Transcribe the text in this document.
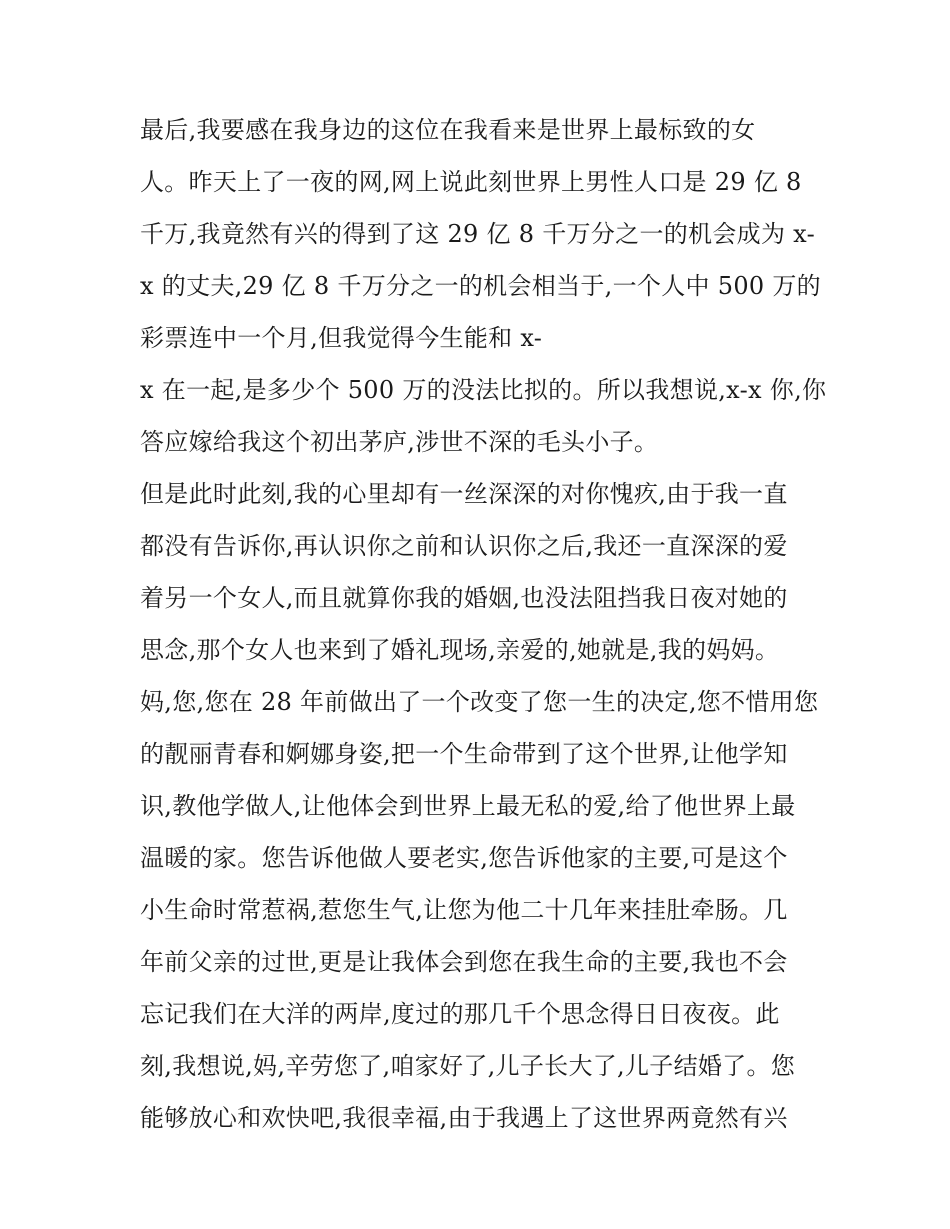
最后,我要感在我身边的这位在我看来是世界上最标致的女
人。昨天上了一夜的网,网上说此刻世界上男性人口是 29 亿 8
千万,我竟然有兴的得到了这 29 亿 8 千万分之一的机会成为 x-
x 的丈夫,29 亿 8 千万分之一的机会相当于,一个人中 500 万的
彩票连中一个月,但我觉得今生能和 x-
x 在一起,是多少个 500 万的没法比拟的。所以我想说,x-x 你,你
答应嫁给我这个初出茅庐,涉世不深的毛头小子。
但是此时此刻,我的心里却有一丝深深的对你愧疚,由于我一直
都没有告诉你,再认识你之前和认识你之后,我还一直深深的爱
着另一个女人,而且就算你我的婚姻,也没法阻挡我日夜对她的
思念,那个女人也来到了婚礼现场,亲爱的,她就是,我的妈妈。
妈,您,您在 28 年前做出了一个改变了您一生的决定,您不惜用您
的靓丽青春和婀娜身姿,把一个生命带到了这个世界,让他学知
识,教他学做人,让他体会到世界上最无私的爱,给了他世界上最
温暖的家。您告诉他做人要老实,您告诉他家的主要,可是这个
小生命时常惹祸,惹您生气,让您为他二十几年来挂肚牵肠。几
年前父亲的过世,更是让我体会到您在我生命的主要,我也不会
忘记我们在大洋的两岸,度过的那几千个思念得日日夜夜。此
刻,我想说,妈,辛劳您了,咱家好了,儿子长大了,儿子结婚了。您
能够放心和欢快吧,我很幸福,由于我遇上了这世界两竟然有兴
